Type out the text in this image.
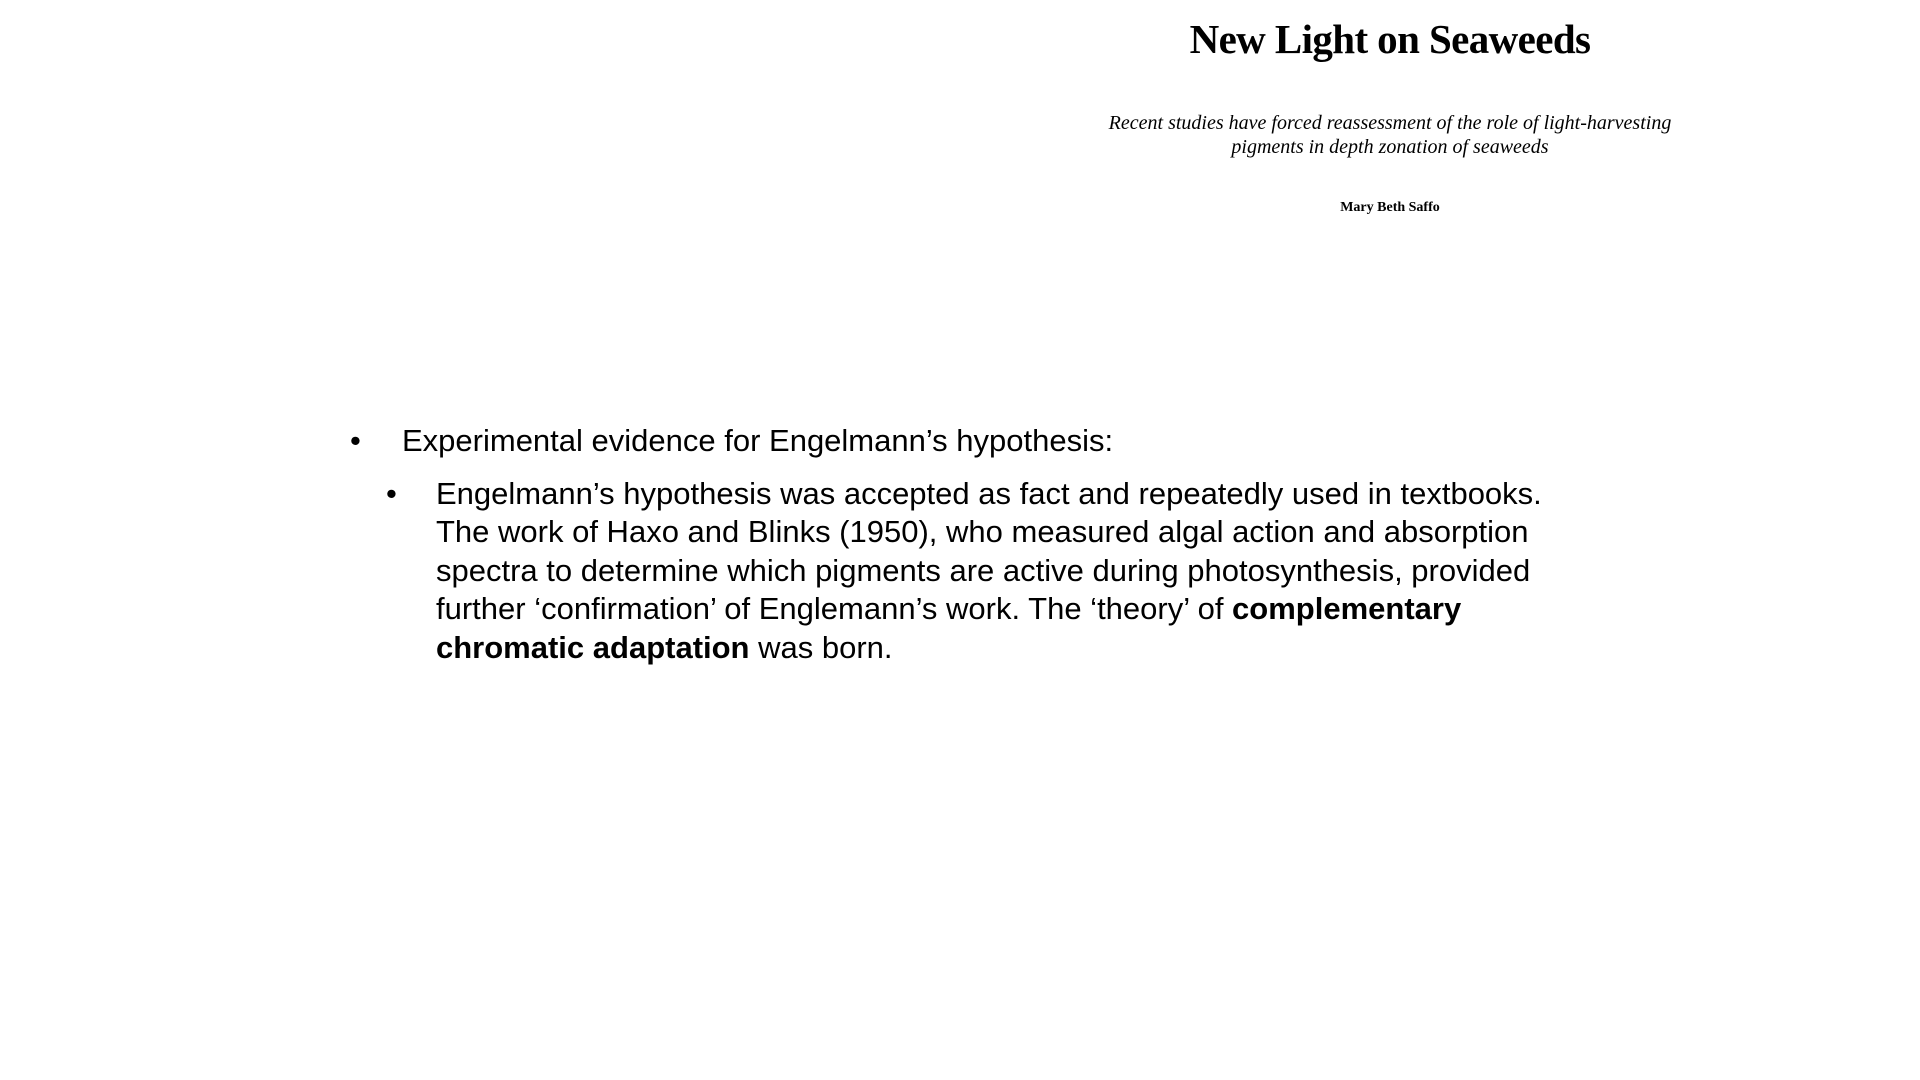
New Light on Seaweeds
Recent studies have forced reassessment of the role of light-harvesting pigments in depth zonation of seaweeds
Mary Beth Saffo
• Experimental evidence for Engelmann’s hypothesis:
• Engelmann’s hypothesis was accepted as fact and repeatedly used in textbooks. The work of Haxo and Blinks (1950), who measured algal action and absorption spectra to determine which pigments are active during photosynthesis, provided further ‘confirmation’ of Englemann’s work. The ‘theory’ of complementary chromatic adaptation was born.
